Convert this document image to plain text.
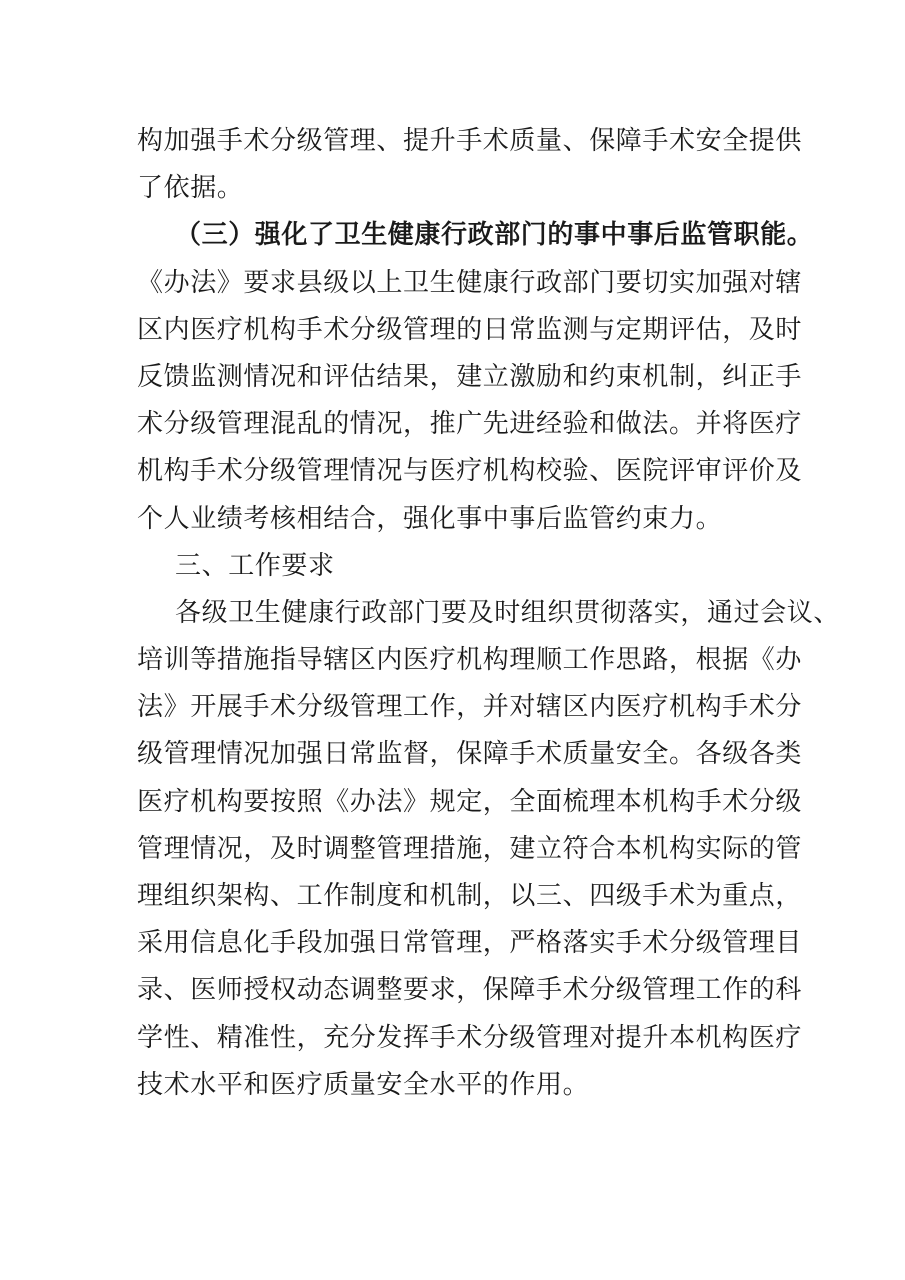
构加强手术分级管理、提升手术质量、保障手术安全提供
了依据。
（三）强化了卫生健康行政部门的事中事后监管职能。
《办法》要求县级以上卫生健康行政部门要切实加强对辖
区内医疗机构手术分级管理的日常监测与定期评估，及时
反馈监测情况和评估结果，建立激励和约束机制，纠正手
术分级管理混乱的情况，推广先进经验和做法。并将医疗
机构手术分级管理情况与医疗机构校验、医院评审评价及
个人业绩考核相结合，强化事中事后监管约束力。
三、工作要求
各级卫生健康行政部门要及时组织贯彻落实，通过会议、
培训等措施指导辖区内医疗机构理顺工作思路，根据《办
法》开展手术分级管理工作，并对辖区内医疗机构手术分
级管理情况加强日常监督，保障手术质量安全。各级各类
医疗机构要按照《办法》规定，全面梳理本机构手术分级
管理情况，及时调整管理措施，建立符合本机构实际的管
理组织架构、工作制度和机制，以三、四级手术为重点，
采用信息化手段加强日常管理，严格落实手术分级管理目
录、医师授权动态调整要求，保障手术分级管理工作的科
学性、精准性，充分发挥手术分级管理对提升本机构医疗
技术水平和医疗质量安全水平的作用。
